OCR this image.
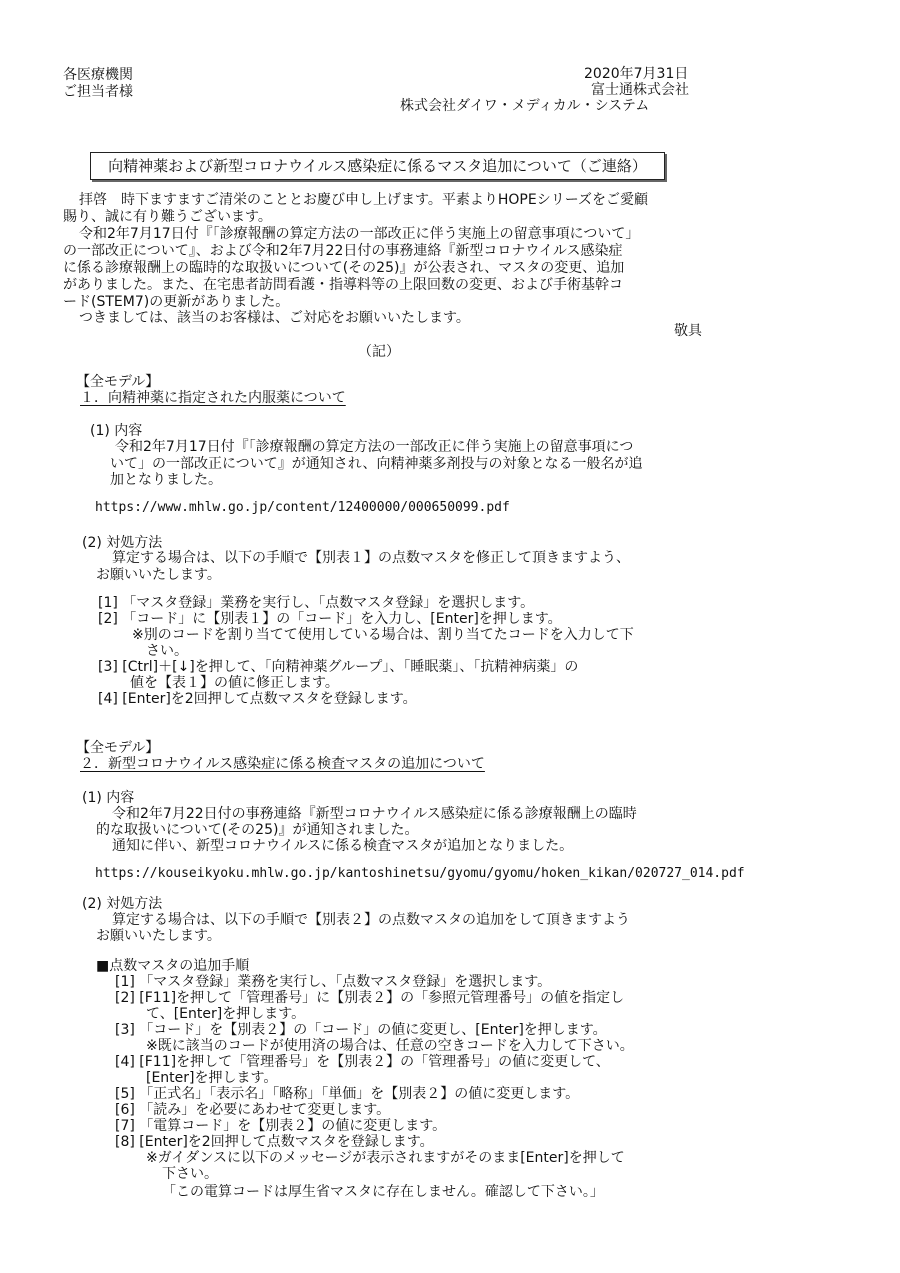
各医療機関
ご担当者様
2020年7月31日
富士通株式会社
株式会社ダイワ・メディカル・システム
向精神薬および新型コロナウイルス感染症に係るマスタ追加について（ご連絡）
拝啓　時下ますますご清栄のこととお慶び申し上げます。平素よりHOPEシリーズをご愛顧
賜り、誠に有り難うございます。
令和2年7月17日付『「診療報酬の算定方法の一部改正に伴う実施上の留意事項について」
の一部改正について』、および令和2年7月22日付の事務連絡『新型コロナウイルス感染症
に係る診療報酬上の臨時的な取扱いについて(その25)』が公表され、マスタの変更、追加
がありました。また、在宅患者訪問看護・指導料等の上限回数の変更、および手術基幹コ
ード(STEM7)の更新がありました。
つきましては、該当のお客様は、ご対応をお願いいたします。
敬具
（記）
【全モデル】
１．向精神薬に指定された内服薬について
(1) 内容
令和2年7月17日付『「診療報酬の算定方法の一部改正に伴う実施上の留意事項につ
いて」の一部改正について』が通知され、向精神薬多剤投与の対象となる一般名が追
加となりました。
https://www.mhlw.go.jp/content/12400000/000650099.pdf
(2) 対処方法
算定する場合は、以下の手順で【別表１】の点数マスタを修正して頂きますよう、
お願いいたします。
[1] 「マスタ登録」業務を実行し、「点数マスタ登録」を選択します。
[2] 「コード」に【別表１】の「コード」を入力し、[Enter]を押します。
※別のコードを割り当てて使用している場合は、割り当てたコードを入力して下
さい。
[3] [Ctrl]＋[↓]を押して、「向精神薬グループ」、「睡眠薬」、「抗精神病薬」の
値を【表１】の値に修正します。
[4] [Enter]を2回押して点数マスタを登録します。
【全モデル】
２．新型コロナウイルス感染症に係る検査マスタの追加について
(1) 内容
令和2年7月22日付の事務連絡『新型コロナウイルス感染症に係る診療報酬上の臨時
的な取扱いについて(その25)』が通知されました。
通知に伴い、新型コロナウイルスに係る検査マスタが追加となりました。
https://kouseikyoku.mhlw.go.jp/kantoshinetsu/gyomu/gyomu/hoken_kikan/020727_014.pdf
(2) 対処方法
算定する場合は、以下の手順で【別表２】の点数マスタの追加をして頂きますよう
お願いいたします。
■点数マスタの追加手順
[1] 「マスタ登録」業務を実行し、「点数マスタ登録」を選択します。
[2] [F11]を押して「管理番号」に【別表２】の「参照元管理番号」の値を指定し
て、[Enter]を押します。
[3] 「コード」を【別表２】の「コード」の値に変更し、[Enter]を押します。
※既に該当のコードが使用済の場合は、任意の空きコードを入力して下さい。
[4] [F11]を押して「管理番号」を【別表２】の「管理番号」の値に変更して、
[Enter]を押します。
[5] 「正式名」「表示名」「略称」「単価」を【別表２】の値に変更します。
[6] 「読み」を必要にあわせて変更します。
[7] 「電算コード」を【別表２】の値に変更します。
[8] [Enter]を2回押して点数マスタを登録します。
※ガイダンスに以下のメッセージが表示されますがそのまま[Enter]を押して
下さい。
「この電算コードは厚生省マスタに存在しません。確認して下さい。」
